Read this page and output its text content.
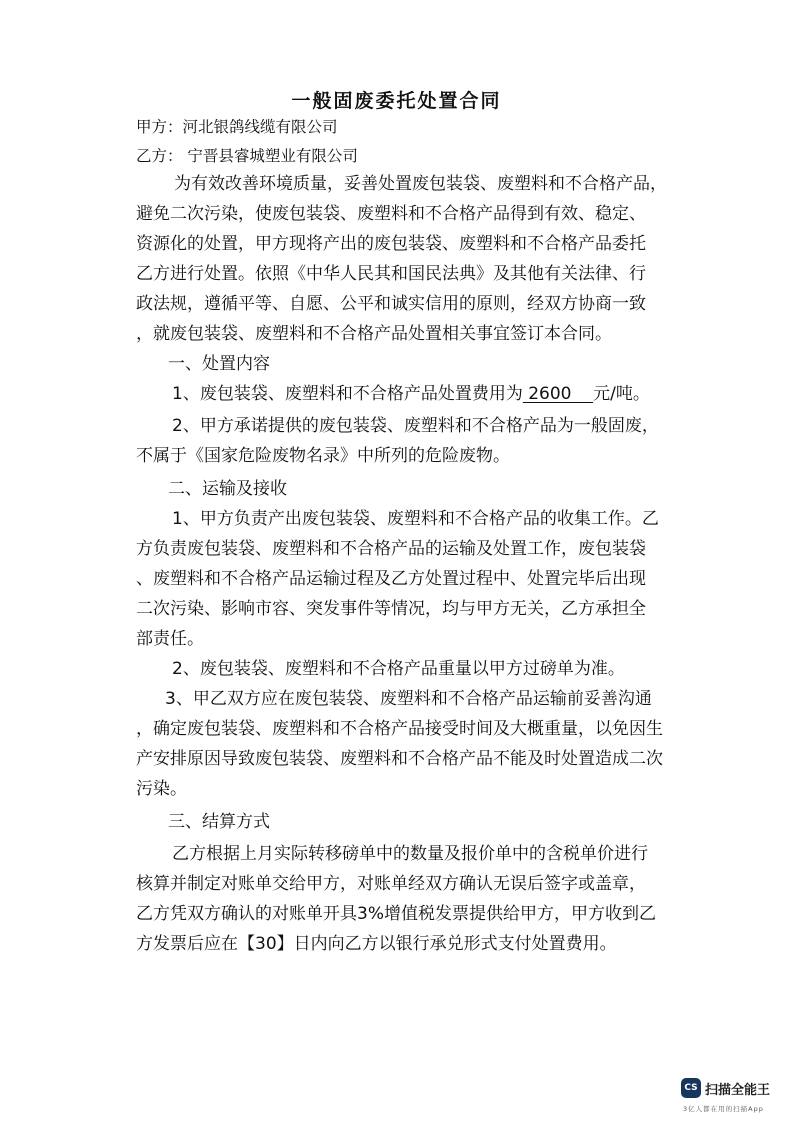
一般固废委托处置合同
甲方：河北银鸽线缆有限公司
乙方： 宁晋县睿城塑业有限公司
为有效改善环境质量，妥善处置废包装袋、废塑料和不合格产品，
避免二次污染，使废包装袋、废塑料和不合格产品得到有效、稳定、
资源化的处置，甲方现将产出的废包装袋、废塑料和不合格产品委托
乙方进行处置。依照《中华人民其和国民法典》及其他有关法律、行
政法规，遵循平等、自愿、公平和诚实信用的原则，经双方协商一致
，就废包装袋、废塑料和不合格产品处置相关事宜签订本合同。
一、处置内容
1、废包装袋、废塑料和不合格产品处置费用为 2600    元/吨。
2、甲方承诺提供的废包装袋、废塑料和不合格产品为一般固废，
不属于《国家危险废物名录》中所列的危险废物。
二、运输及接收
1、甲方负责产出废包装袋、废塑料和不合格产品的收集工作。乙
方负责废包装袋、废塑料和不合格产品的运输及处置工作，废包装袋
、废塑料和不合格产品运输过程及乙方处置过程中、处置完毕后出现
二次污染、影响市容、突发事件等情况，均与甲方无关，乙方承担全
部责任。
2、废包装袋、废塑料和不合格产品重量以甲方过磅单为准。
3、甲乙双方应在废包装袋、废塑料和不合格产品运输前妥善沟通
，确定废包装袋、废塑料和不合格产品接受时间及大概重量，以免因生
产安排原因导致废包装袋、废塑料和不合格产品不能及时处置造成二次
污染。
三、结算方式
乙方根据上月实际转移磅单中的数量及报价单中的含税单价进行
核算并制定对账单交给甲方，对账单经双方确认无误后签字或盖章，
乙方凭双方确认的对账单开具3%增值税发票提供给甲方，甲方收到乙
方发票后应在【30】日内向乙方以银行承兑形式支付处置费用。
CS 扫描全能王
3亿人都在用的扫描App
